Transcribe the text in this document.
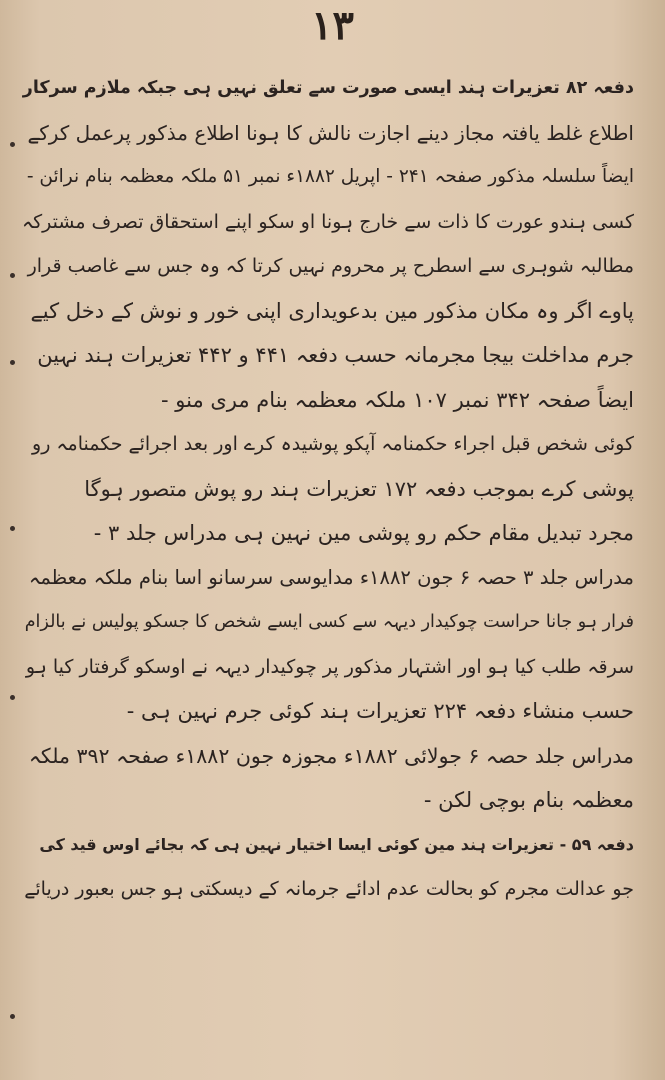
۱۳
دفعہ ۸۲ تعزیرات ہند ایسی صورت سے تعلق نہیں ہی جبکہ ملازم سرکار
اطلاع غلط یافتہ مجاز دینے اجازت نالش کا ہونا اطلاع مذکور پرعمل کرکے
ایضاً سلسلہ مذکور صفحہ ۲۴۱ - اپریل ۱۸۸۲ء نمبر ۵۱ ملکہ معظمہ بنام نرائن -
کسی ہندو عورت کا ذات سے خارج ہونا او سکو اپنے استحقاق تصرف مشترکہ
مطالبہ شوہری سے اسطرح پر محروم نہیں کرتا کہ وہ جس سے غاصب قرار
پاوے اگر وہ مکان مذکور مین بدعویداری اپنی خور و نوش کے دخل کیے
جرم مداخلت بیجا مجرمانہ حسب دفعہ ۴۴۱ و ۴۴۲ تعزیرات ہند نہین
ایضاً صفحہ ۳۴۲ نمبر ۱۰۷ ملکہ معظمہ بنام مری منو -
کوئی شخص قبل اجراء حکمنامہ آپکو پوشیدہ کرے اور بعد اجرائے حکمنامہ رو
پوشی کرے بموجب دفعہ ۱۷۲ تعزیرات ہند رو پوش متصور ہوگا
مجرد تبدیل مقام حکم رو پوشی مین نہین ہی مدراس جلد ۳ -
مدراس جلد ۳ حصہ ۶ جون ۱۸۸۲ء مدایوسی سرسانو اسا بنام ملکہ معظمہ
فرار ہو جانا حراست چوکیدار دیہہ سے کسی ایسے شخص کا جسکو پولیس نے بالزام
سرقہ طلب کیا ہو اور اشتہار مذکور پر چوکیدار دیہہ نے اوسکو گرفتار کیا ہو
حسب منشاء دفعہ ۲۲۴ تعزیرات ہند کوئی جرم نہین ہی -
مدراس جلد حصہ ۶ جولائی ۱۸۸۲ء مجوزہ جون ۱۸۸۲ء صفحہ ۳۹۲ ملکہ
معظمہ بنام بوچی لکن -
دفعہ ۵۹ - تعزیرات ہند مین کوئی ایسا اختیار نہین ہی کہ بجائے اوس قید کی
جو عدالت مجرم کو بحالت عدم ادائے جرمانہ کے دیسکتی ہو جس بعبور دریائے
